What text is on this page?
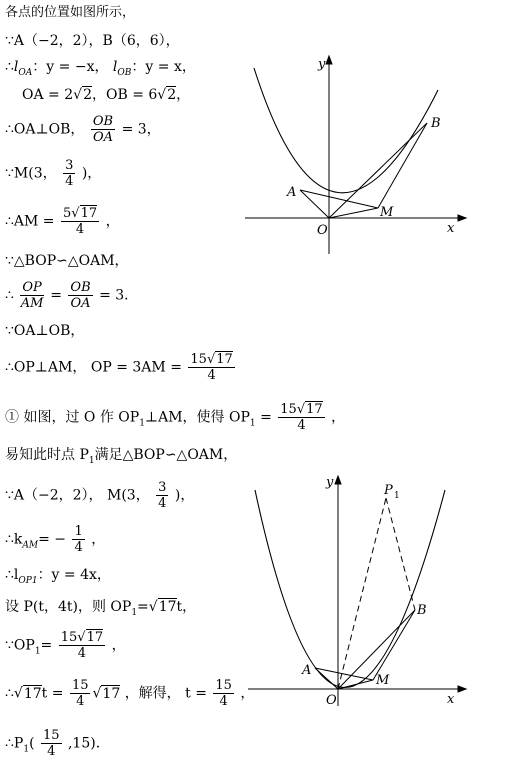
各点的位置如图所示，
∵A（−2，2），B（6，6），
$\therefore l_{OA}$：y = −x， $l_{OB}$：y = x，
OA = 2√2，OB = 6√2，
∴OA⊥OB， $\frac{OB}{OA} = 3$，
∵M(3， $\frac{3}{4}$ )，
∴AM = $\frac{5√17}{4}$ ，
∵△BOP∽△OAM，
∴ $\frac{OP}{AM} = \frac{OB}{OA} = 3$．
∵OA⊥OB，
∴OP⊥AM， OP = $3AM = \frac{15√17}{4}$
① 如图，过 O 作 $OP_1\perp AM$，使得 $OP_1 = \frac{15√17}{4}$ ，
易知此时点 $P_1$满足△BOP∽△OAM，
∵A（−2，2）， M(3， $\frac{3}{4}$ )，
$\therefore k_{AM}= - \frac{1}{4}$ ，
$\therefore l_{OP1}$：y = 4x，
设 P(t，4t)，则 $OP_1=√17t$，
$\because OP_1= \frac{15√17}{4}$ ，
∴√17t = $\frac{15}{4} √17$ ，解得， $t = \frac{15}{4}$ ，
$\therefore P_1( \frac{15}{4} ,15)$．
y
x
O
A
B
M
y
x
O
A
B
M
P 1
